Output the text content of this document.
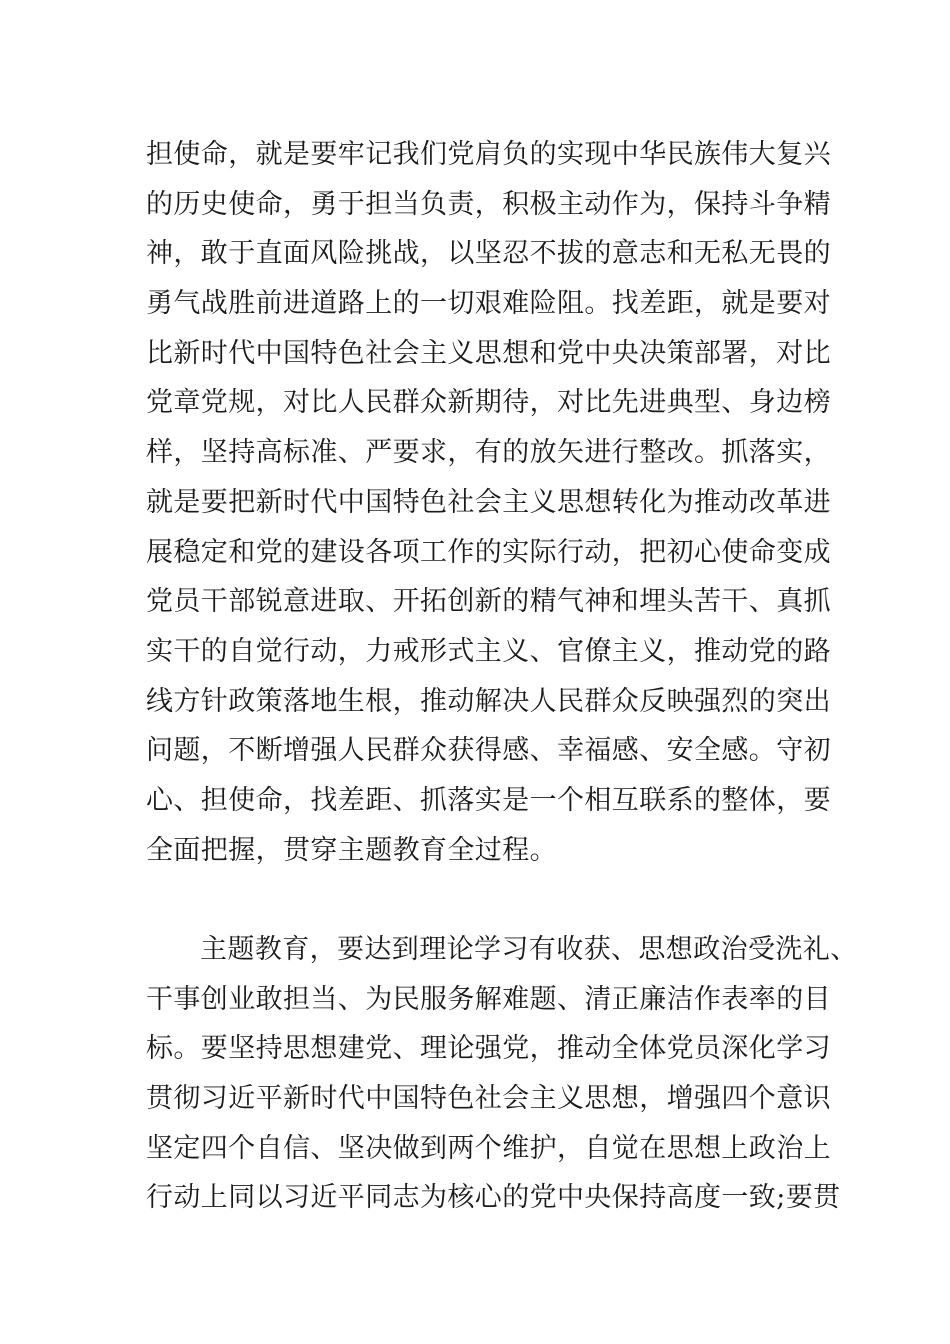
担使命，就是要牢记我们党肩负的实现中华民族伟大复兴
的历史使命，勇于担当负责，积极主动作为，保持斗争精
神，敢于直面风险挑战，以坚忍不拔的意志和无私无畏的
勇气战胜前进道路上的一切艰难险阻。找差距，就是要对
比新时代中国特色社会主义思想和党中央决策部署，对比
党章党规，对比人民群众新期待，对比先进典型、身边榜
样，坚持高标准、严要求，有的放矢进行整改。抓落实，
就是要把新时代中国特色社会主义思想转化为推动改革进
展稳定和党的建设各项工作的实际行动，把初心使命变成
党员干部锐意进取、开拓创新的精气神和埋头苦干、真抓
实干的自觉行动，力戒形式主义、官僚主义，推动党的路
线方针政策落地生根，推动解决人民群众反映强烈的突出
问题，不断增强人民群众获得感、幸福感、安全感。守初
心、担使命，找差距、抓落实是一个相互联系的整体，要
全面把握，贯穿主题教育全过程。
主题教育，要达到理论学习有收获、思想政治受洗礼、
干事创业敢担当、为民服务解难题、清正廉洁作表率的目
标。要坚持思想建党、理论强党，推动全体党员深化学习
贯彻习近平新时代中国特色社会主义思想，增强四个意识
坚定四个自信、坚决做到两个维护，自觉在思想上政治上
行动上同以习近平同志为核心的党中央保持高度一致;要贯
